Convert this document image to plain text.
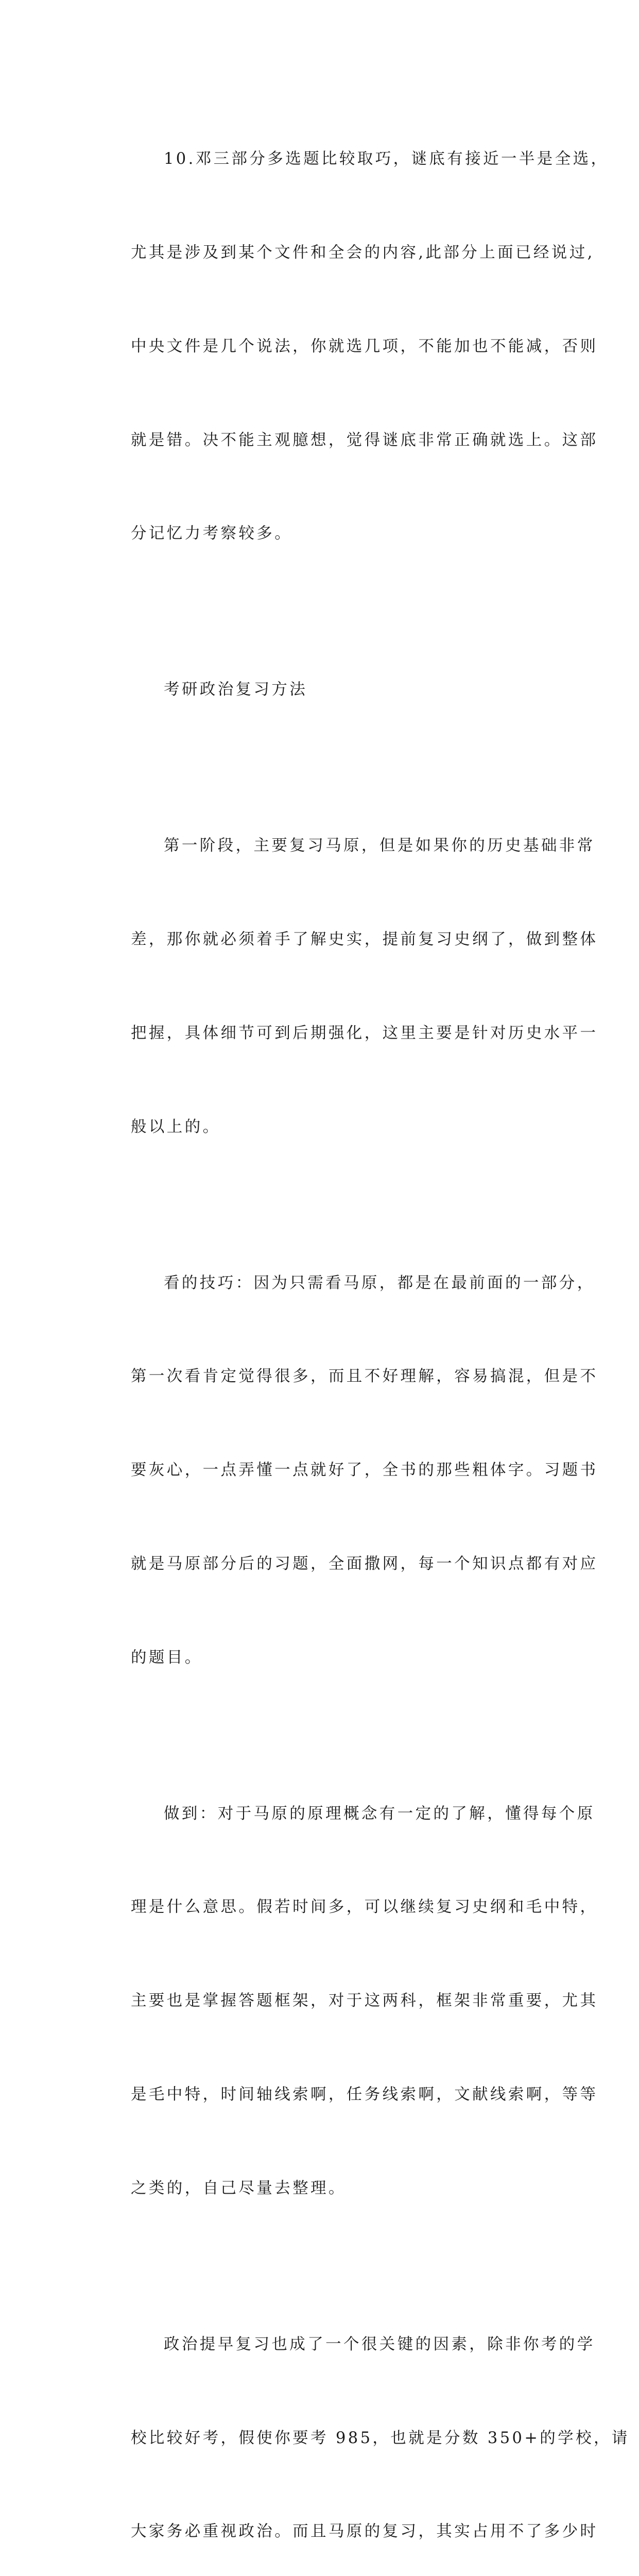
10.邓三部分多选题比较取巧，谜底有接近一半是全选，

尤其是涉及到某个文件和全会的内容,此部分上面已经说过,

中央文件是几个说法，你就选几项，不能加也不能减，否则

就是错。决不能主观臆想，觉得谜底非常正确就选上。这部

分记忆力考察较多。

考研政治复习方法

第一阶段，主要复习马原，但是如果你的历史基础非常

差，那你就必须着手了解史实，提前复习史纲了，做到整体

把握，具体细节可到后期强化，这里主要是针对历史水平一

般以上的。

看的技巧：因为只需看马原，都是在最前面的一部分，

第一次看肯定觉得很多，而且不好理解，容易搞混，但是不

要灰心，一点弄懂一点就好了，全书的那些粗体字。习题书

就是马原部分后的习题，全面撒网，每一个知识点都有对应

的题目。

做到：对于马原的原理概念有一定的了解，懂得每个原

理是什么意思。假若时间多，可以继续复习史纲和毛中特，

主要也是掌握答题框架，对于这两科，框架非常重要，尤其

是毛中特，时间轴线索啊，任务线索啊，文献线索啊，等等

之类的，自己尽量去整理。

政治提早复习也成了一个很关键的因素，除非你考的学

校比较好考，假使你要考 985，也就是分数 350+的学校，请

大家务必重视政治。而且马原的复习，其实占用不了多少时
